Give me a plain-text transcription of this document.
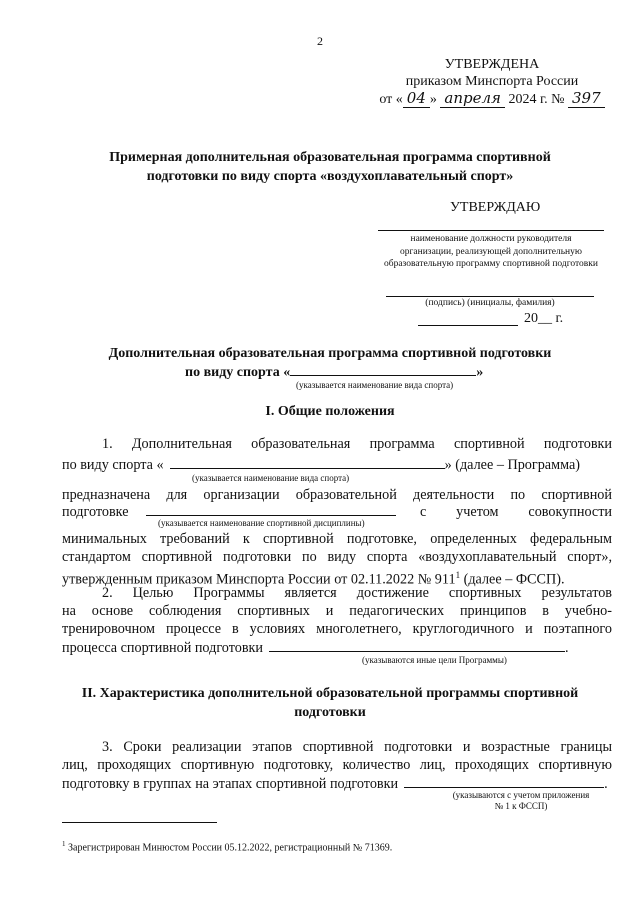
2
УТВЕРЖДЕНА
приказом Минспорта России
от « 04 » апреля 2024 г. № 397
Примерная дополнительная образовательная программа спортивной
подготовки по виду спорта «воздухоплавательный спорт»
УТВЕРЖДАЮ
наименование должности руководителя
организации, реализующей дополнительную
образовательную программу спортивной подготовки
(подпись) (инициалы, фамилия)
20__ г.
Дополнительная образовательная программа спортивной подготовки
по виду спорта «	»
(указывается наименование вида спорта)
I. Общие положения
1. Дополнительная образовательная программа спортивной подготовки
по виду спорта «	» (далее – Программа)
(указывается наименование вида спорта)
предназначена для организации образовательной деятельности по спортивной
подготовке	с учетом совокупности
(указывается наименование спортивной дисциплины)
минимальных требований к спортивной подготовке, определенных федеральным
стандартом спортивной подготовки по виду спорта «воздухоплавательный спорт»,
утвержденным приказом Минспорта России от 02.11.2022 № $911^1$ (далее – ФССП).
2. Целью Программы является достижение спортивных результатов
на основе соблюдения спортивных и педагогических принципов в учебно-
тренировочном процессе в условиях многолетнего, круглогодичного и поэтапного
процесса спортивной подготовки	.
(указываются иные цели Программы)
II. Характеристика дополнительной образовательной программы спортивной
подготовки
3. Сроки реализации этапов спортивной подготовки и возрастные границы
лиц, проходящих спортивную подготовку, количество лиц, проходящих спортивную
подготовку в группах на этапах спортивной подготовки	.
(указываются с учетом приложения
№ 1 к ФССП)
$^1$ Зарегистрирован Минюстом России 05.12.2022, регистрационный № 71369.
